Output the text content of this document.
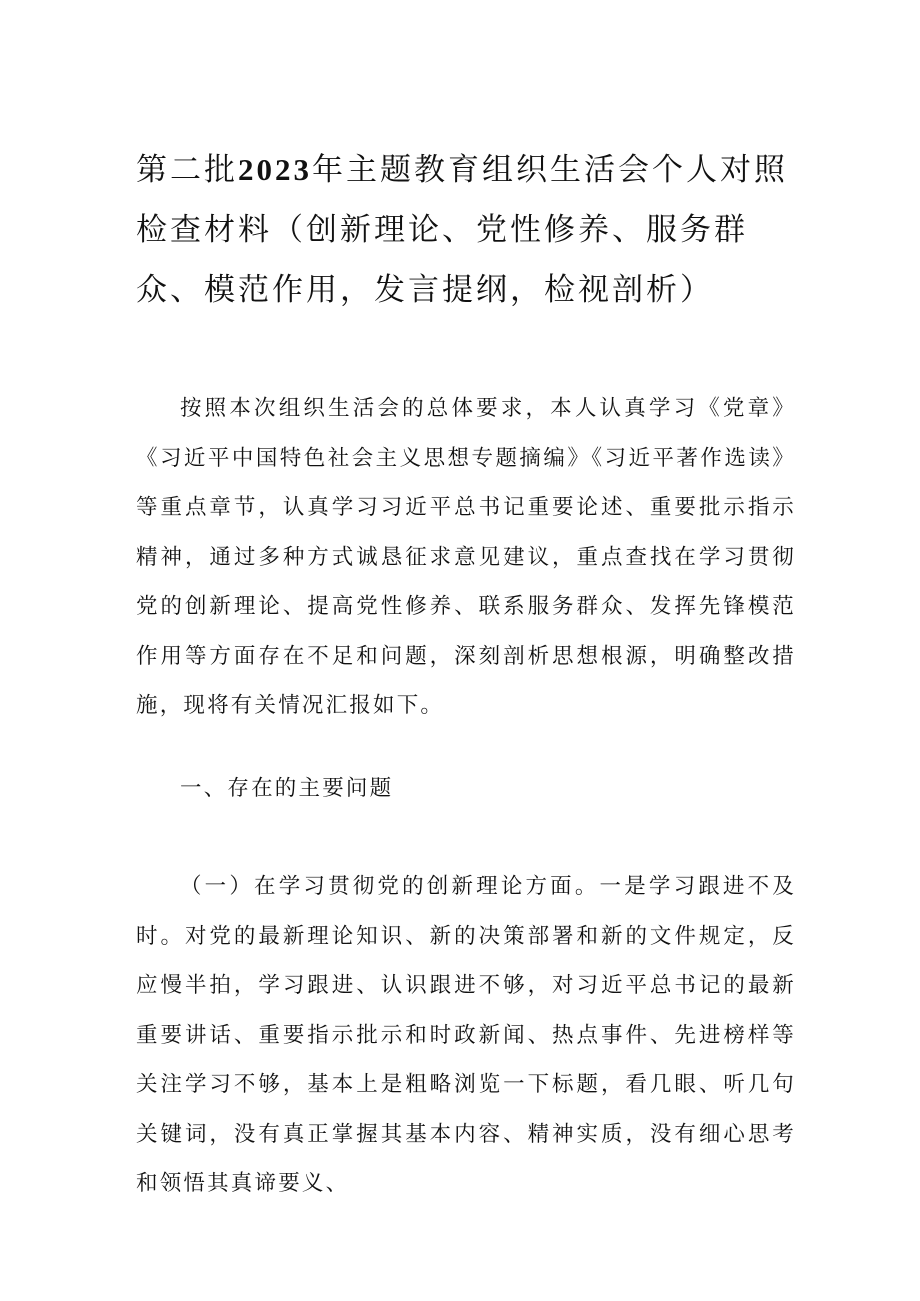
第二批2023年主题教育组织生活会个人对照检查材料（创新理论、党性修养、服务群众、模范作用，发言提纲，检视剖析）

按照本次组织生活会的总体要求，本人认真学习《党章》《习近平中国特色社会主义思想专题摘编》《习近平著作选读》等重点章节，认真学习习近平总书记重要论述、重要批示指示精神，通过多种方式诚恳征求意见建议，重点查找在学习贯彻党的创新理论、提高党性修养、联系服务群众、发挥先锋模范作用等方面存在不足和问题，深刻剖析思想根源，明确整改措施，现将有关情况汇报如下。

一、存在的主要问题

（一）在学习贯彻党的创新理论方面。一是学习跟进不及时。对党的最新理论知识、新的决策部署和新的文件规定，反应慢半拍，学习跟进、认识跟进不够，对习近平总书记的最新重要讲话、重要指示批示和时政新闻、热点事件、先进榜样等关注学习不够，基本上是粗略浏览一下标题，看几眼、听几句关键词，没有真正掌握其基本内容、精神实质，没有细心思考和领悟其真谛要义、
